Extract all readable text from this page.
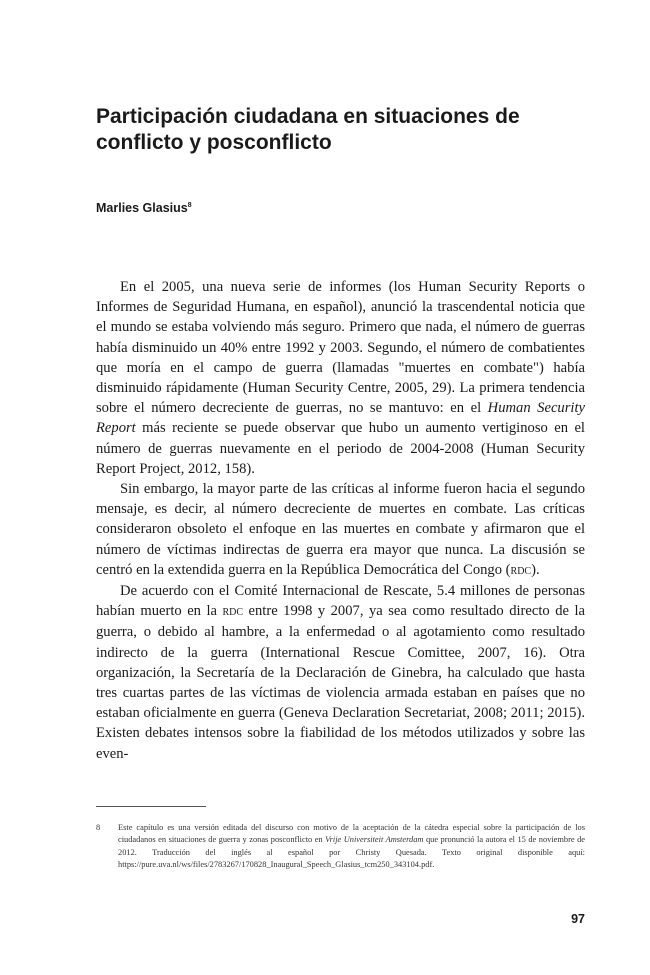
Participación ciudadana en situaciones de conflicto y posconflicto
Marlies Glasius$^8$

En el 2005, una nueva serie de informes (los Human Security Reports o Informes de Seguridad Humana, en español), anunció la trascendental noticia que el mundo se estaba volviendo más seguro. Primero que nada, el número de guerras había disminuido un 40% entre 1992 y 2003. Segundo, el número de combatientes que moría en el campo de guerra (llamadas "muertes en combate") había disminuido rápidamente (Human Security Centre, 2005, 29). La primera tendencia sobre el número decreciente de guerras, no se mantuvo: en el Human Security Report más reciente se puede observar que hubo un aumento vertiginoso en el número de guerras nuevamente en el periodo de 2004-2008 (Human Security Report Project, 2012, 158).

Sin embargo, la mayor parte de las críticas al informe fueron hacia el segundo mensaje, es decir, al número decreciente de muertes en combate. Las críticas consideraron obsoleto el enfoque en las muertes en combate y afirmaron que el número de víctimas indirectas de guerra era mayor que nunca. La discusión se centró en la extendida guerra en la República Democrática del Congo (rdc).

De acuerdo con el Comité Internacional de Rescate, 5.4 millones de personas habían muerto en la rdc entre 1998 y 2007, ya sea como resultado directo de la guerra, o debido al hambre, a la enfermedad o al agotamiento como resultado indirecto de la guerra (International Rescue Comittee, 2007, 16). Otra organización, la Secretaría de la Declaración de Ginebra, ha calculado que hasta tres cuartas partes de las víctimas de violencia armada estaban en países que no estaban oficialmente en guerra (Geneva Declaration Secretariat, 2008; 2011; 2015). Existen debates intensos sobre la fiabilidad de los métodos utilizados y sobre las even-

8 Este capítulo es una versión editada del discurso con motivo de la aceptación de la cátedra especial sobre la participación de los ciudadanos en situaciones de guerra y zonas posconflicto en Vrije Universiteit Amsterdam que pronunció la autora el 15 de noviembre de 2012. Traducción del inglés al español por Christy Quesada. Texto original disponible aquí: https://pure.uva.nl/ws/files/2783267/170828_Inaugural_Speech_Glasius_tcm250_343104.pdf.
97
